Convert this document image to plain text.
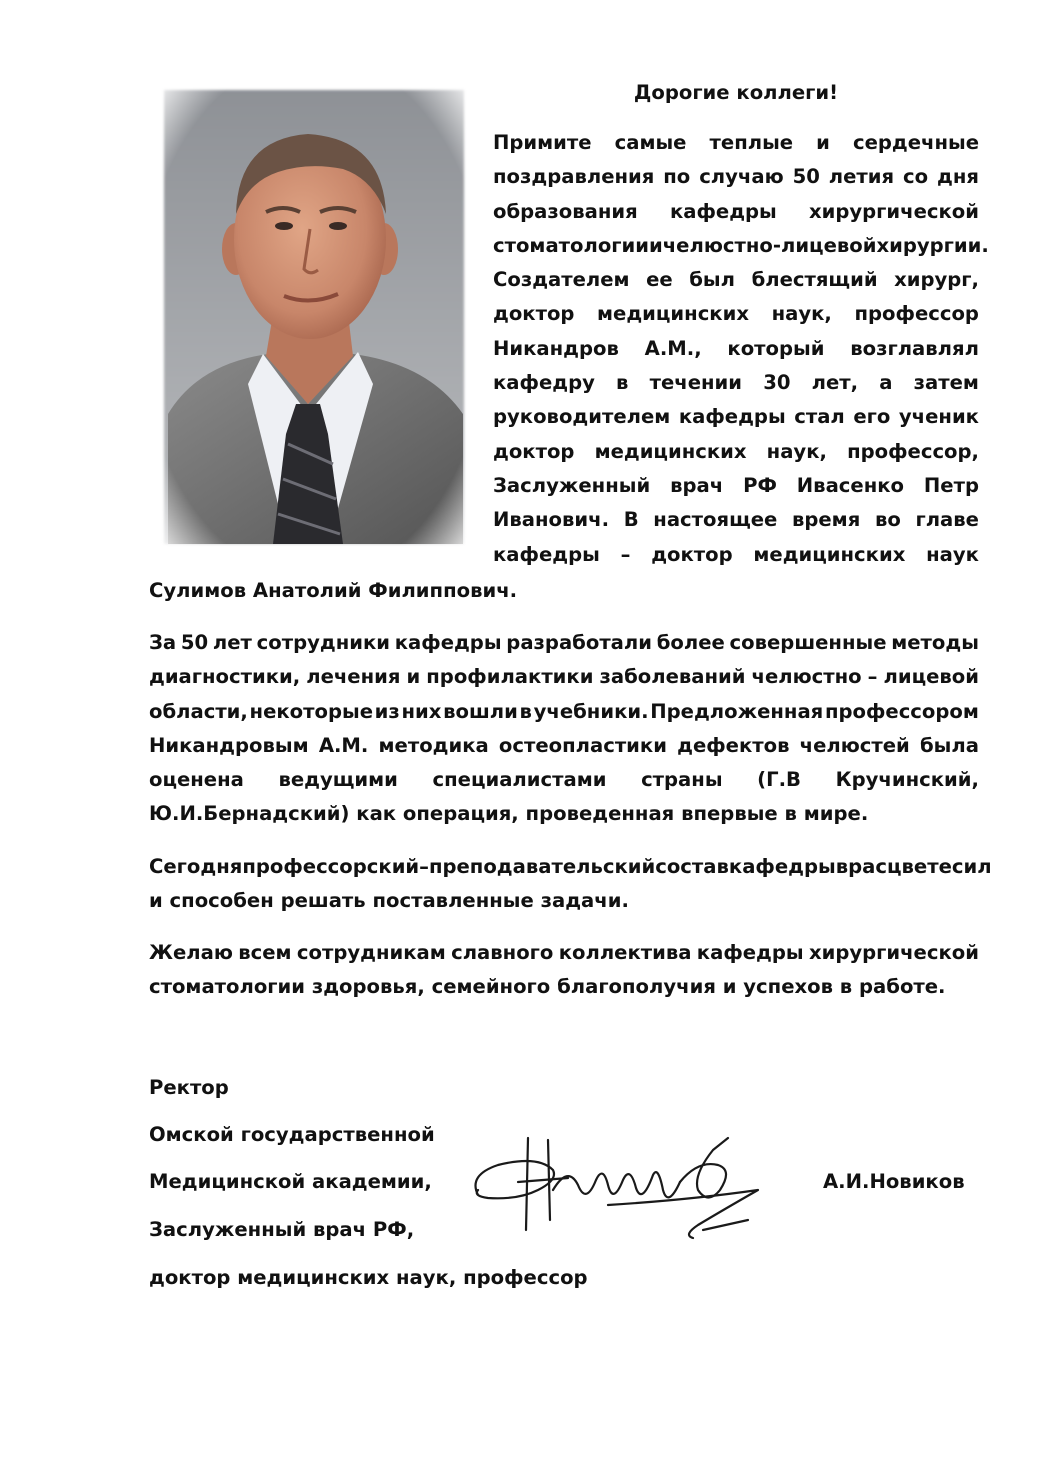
Дорогие коллеги!
Примите самые теплые и сердечные
поздравления по случаю 50 летия со дня
образования кафедры хирургической
стоматологии и челюстно-лицевой хирургии.
Создателем ее был блестящий хирург,
доктор медицинских наук, профессор
Никандров А.М., который возглавлял
кафедру в течении 30 лет, а затем
руководителем кафедры стал его ученик
доктор медицинских наук, профессор,
Заслуженный врач РФ Ивасенко Петр
Иванович. В настоящее время во главе
кафедры – доктор медицинских наук
Сулимов Анатолий Филиппович.
За 50 лет сотрудники кафедры разработали более совершенные методы
диагностики, лечения и профилактики заболеваний челюстно – лицевой
области, некоторые из них вошли в учебники. Предложенная профессором
Никандровым А.М. методика остеопластики дефектов челюстей была
оценена ведущими специалистами страны (Г.В Кручинский,
Ю.И.Бернадский) как операция, проведенная впервые в мире.
Сегодня профессорский – преподавательский состав кафедры в расцвете сил
и способен решать поставленные задачи.
Желаю всем сотрудникам славного коллектива кафедры хирургической
стоматологии здоровья, семейного благополучия и успехов в работе.
Ректор
Омской государственной
Медицинской академии,
Заслуженный врач РФ,
доктор медицинских наук, профессор
А.И.Новиков
